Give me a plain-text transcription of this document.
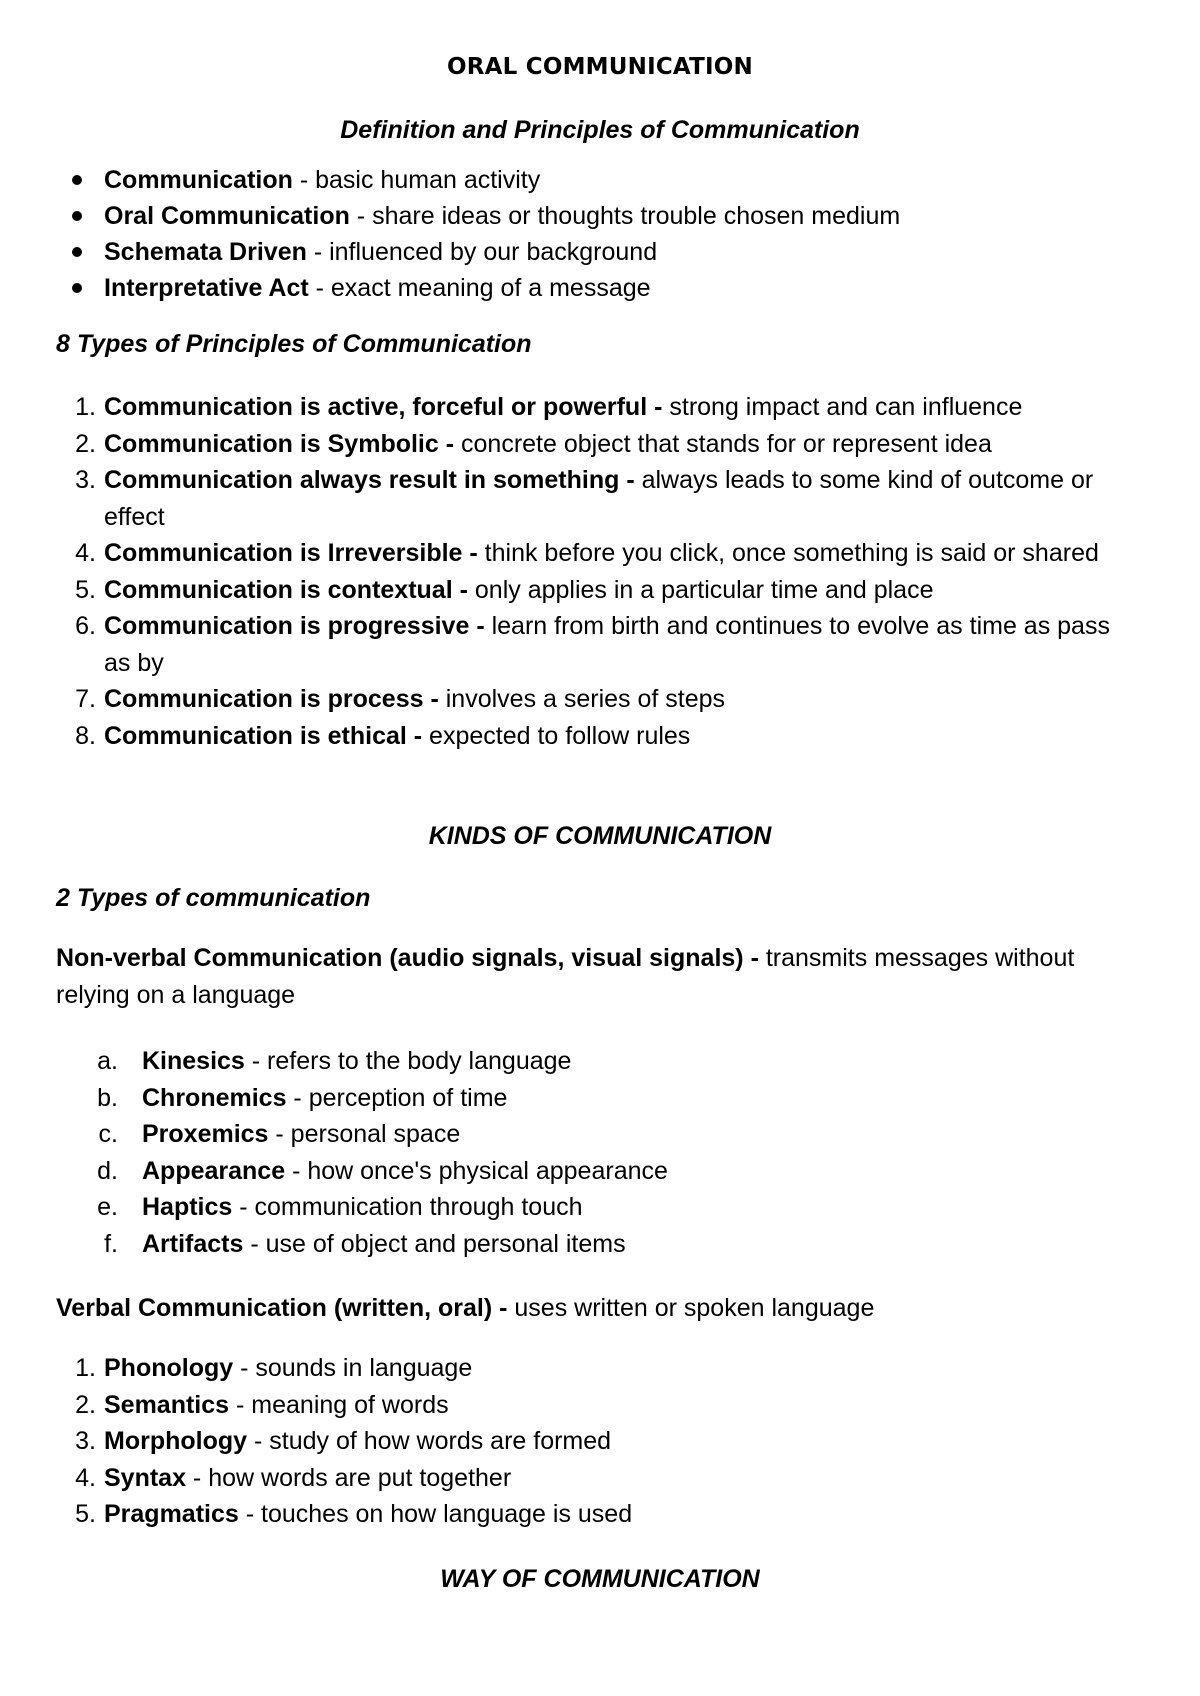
ORAL COMMUNICATION
Definition and Principles of Communication
Communication - basic human activity
Oral Communication - share ideas or thoughts trouble chosen medium
Schemata Driven - influenced by our background
Interpretative Act - exact meaning of a message
8 Types of Principles of Communication
1. Communication is active, forceful or powerful - strong impact and can influence
2. Communication is Symbolic - concrete object that stands for or represent idea
3. Communication always result in something - always leads to some kind of outcome or effect
4. Communication is Irreversible - think before you click, once something is said or shared
5. Communication is contextual - only applies in a particular time and place
6. Communication is progressive - learn from birth and continues to evolve as time as pass as by
7. Communication is process - involves a series of steps
8. Communication is ethical - expected to follow rules
KINDS OF COMMUNICATION
2 Types of communication
Non-verbal Communication (audio signals, visual signals) - transmits messages without relying on a language
a. Kinesics - refers to the body language
b. Chronemics - perception of time
c. Proxemics - personal space
d. Appearance - how once's physical appearance
e. Haptics - communication through touch
f. Artifacts - use of object and personal items
Verbal Communication (written, oral) - uses written or spoken language
1. Phonology - sounds in language
2. Semantics - meaning of words
3. Morphology - study of how words are formed
4. Syntax - how words are put together
5. Pragmatics - touches on how language is used
WAY OF COMMUNICATION
